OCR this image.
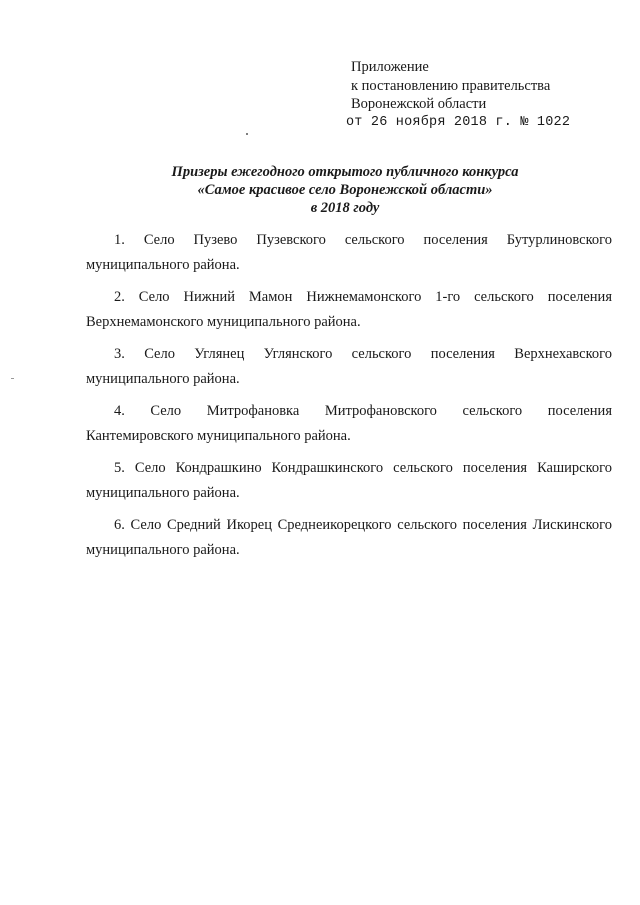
Приложение
к постановлению правительства
Воронежской области
от 26 ноября 2018 г. № 1022
Призеры ежегодного открытого публичного конкурса
«Самое красивое село Воронежской области»
в 2018 году

1. Село Пузево Пузевского сельского поселения Бутурлиновского муниципального района.

2. Село Нижний Мамон Нижнемамонского 1-го сельского поселения Верхнемамонского муниципального района.

3. Село Углянец Углянского сельского поселения Верхнехавского муниципального района.

4. Село Митрофановка Митрофановского сельского поселения Кантемировского муниципального района.

5. Село Кондрашкино Кондрашкинского сельского поселения Каширского муниципального района.

6. Село Средний Икорец Среднеикорецкого сельского поселения Лискинского муниципального района.
